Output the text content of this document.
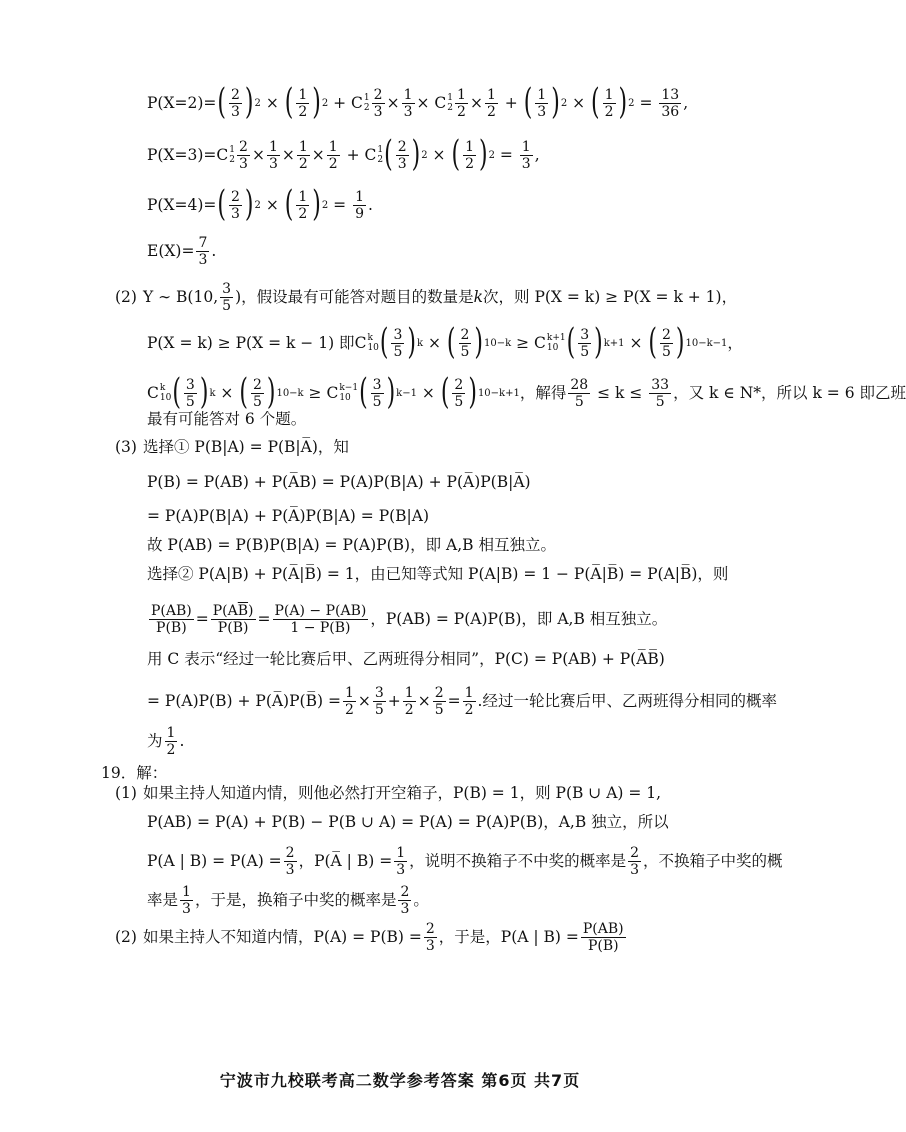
P(X=2)= ( 2
3 ) 2 × ( 1
2 ) 2 + C 1
$2 \frac{2}{3} \times \frac{1}{3} \times C$ 1
$2 \frac{1}{2} \times \frac{1}{2}$ + ( 1
3 ) 2 × ( 1
2 ) $2 = \frac{13}{36}$ ,
P(X=3)= C 1
$2 \frac{2}{3} \times \frac{1}{3} \times \frac{1}{2} \times \frac{1}{2} + C$ 1
2 ( 2
3 ) 2 × ( 1
2 ) $2 = \frac{1}{3}$ ,
P(X=4)= ( 2
3 ) 2 × ( 1
2 ) $2 = \frac{1}{9}$ .
$E(X)= \frac{7}{3}$ .
(2) Y ∼ B(10, 3
5
)，假设最有可能答对题目的数量是 k 次，则 P(X = k) ≥ P(X = k + 1)，
P(X = k) ≥ P(X = k − 1) 即 C k
10 ( 3
5 ) k × ( 2
5 ) 10−k ≥ C k+1
10 ( 3
5 ) k+1 × ( 2
5 ) 10−k−1 ，
C k
10 ( 3
5 ) k × ( 2
5 ) 10−k ≥ C k−1
10 ( 3
5 ) k−1 × ( 2
5 ) 10−k+1 ，解得 $\frac{28}{5} \le k \le \frac{33}{5}$ ，又 k ∈ N*，所以 k = 6 即乙班
最有可能答对 6 个题。
(3) 选择① P(B|A) = P(B|A̅)，知
P(B) = P(AB) + P(A̅B) = P(A)P(B|A) + P(A̅)P(B|A̅)
= P(A)P(B|A) + P(A̅)P(B|A) = P(B|A)
故 P(AB) = P(B)P(B|A) = P(A)P(B)，即 A,B 相互独立。
选择② P(A|B) + P(A̅|B̅) = 1，由已知等式知 P(A|B) = 1 − P(A̅|B̅) = P(A|B̅)，则
$\frac{P(AB)}{P(B)} = \frac{P(A\overline{B})}{P(\overline{B})} = \frac{P(A) - P(AB)}{1 - P(B)}$ ，P(AB) = P(A)P(B)，即 A,B 相互独立。
用 C 表示“经过一轮比赛后甲、乙两班得分相同”，P(C) = P(AB) + P(A̅B̅)
= P(A)P(B) + P(A̅)P(B̅) = $\frac{1}{2} \times \frac{3}{5} + \frac{1}{2} \times \frac{2}{5} = \frac{1}{2}$ . 经过一轮比赛后甲、乙两班得分相同的概率
为 1
2
.
19．解：
(1) 如果主持人知道内情，则他必然打开空箱子，P(B) = 1，则 P(B ∪ A) = 1,
P(AB) = P(A) + P(B) − P(B ∪ A) = P(A) = P(A)P(B)，A,B 独立，所以
P(A | $B) = P(A) = \frac{2}{3}$ ，P(A̅ | $B) = \frac{1}{3}$ ，说明不换箱子不中奖的概率是 2
3
，不换箱子中奖的概
率是 1
3
，于是，换箱子中奖的概率是 2
3
。
(2) 如果主持人不知道内情，$P(A) = P(B) = \frac{2}{3}$ ，于是，P(A | $B) = \frac{P(AB)}{P(B)}$
宁波市九校联考高二数学参考答案 第6页 共7页
